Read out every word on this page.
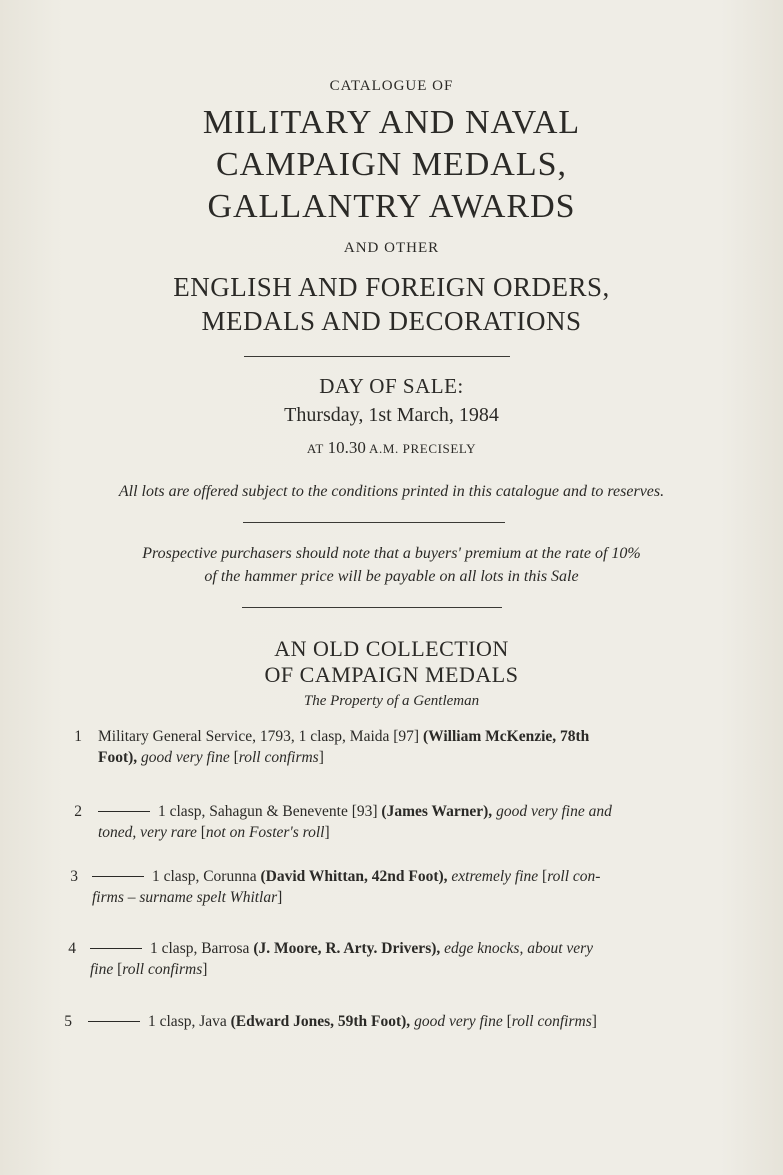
CATALOGUE OF
MILITARY AND NAVAL
CAMPAIGN MEDALS,
GALLANTRY AWARDS
AND OTHER
ENGLISH AND FOREIGN ORDERS,
MEDALS AND DECORATIONS
DAY OF SALE:
Thursday, 1st March, 1984
AT 10.30 A.M. PRECISELY
All lots are offered subject to the conditions printed in this catalogue and to reserves.
Prospective purchasers should note that a buyers' premium at the rate of 10%
of the hammer price will be payable on all lots in this Sale
AN OLD COLLECTION
OF CAMPAIGN MEDALS
The Property of a Gentleman
1 Military General Service, 1793, 1 clasp, Maida [97] (William McKenzie, 78th
Foot), good very fine [roll confirms]
2	1 clasp, Sahagun & Benevente [93] (James Warner), good very fine and
toned, very rare [not on Foster's roll]
3	1 clasp, Corunna (David Whittan, 42nd Foot), extremely fine [roll con-
firms – surname spelt Whitlar]
4	1 clasp, Barrosa (J. Moore, R. Arty. Drivers), edge knocks, about very
fine [roll confirms]
5	1 clasp, Java (Edward Jones, 59th Foot), good very fine [roll confirms]
